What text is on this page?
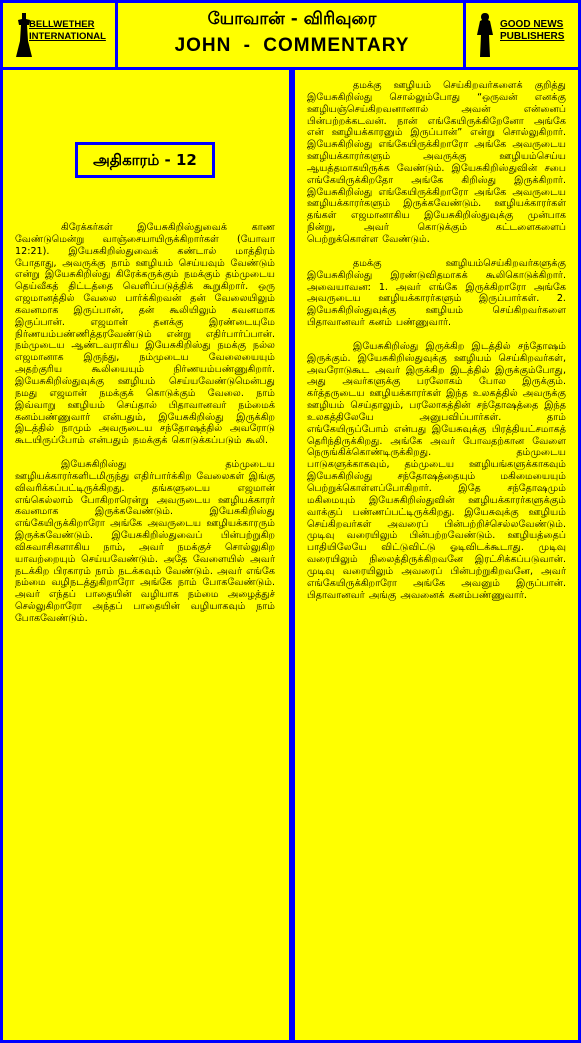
BELLWETHER INTERNATIONAL
யோவான் - விரிவுரை
JOHN - COMMENTARY
GOOD NEWS PUBLISHERS
அதிகாரம் - 12

கிரேக்கர்கள் இயேசுகிறிஸ்துவைக் காண வேண்டுமென்று வாஞ்சையாயிருக்கிறார்கள் (யோவா 12:21). இயேசுகிறிஸ்துவைக் கண்டால் மாத்திரம் போதாது, அவருக்கு நாம் ஊழியம் செய்யவும் வேண்டும் என்று இயேசுகிறிஸ்து கிரேக்கருக்கும் நமக்கும் தம்முடைய தெய்வீகத் திட்டத்தை வெளிப்படுத்திக் கூறுகிறார். ஒரு எஜமானத்தில் வேலை பார்க்கிறவன் தன் வேலையிலும் கவனமாக இருப்பான், தன் கூலியிலும் கவனமாக இருப்பான். எஜமான் தனக்கு இரண்டையுமே நிர்ணயம்பண்ணித்தரவேண்டும் என்று எதிர்பார்ப்பான். நம்முடைய ஆண்டவராகிய இயேசுகிறிஸ்து நமக்கு நல்ல எஜமானாக இருந்து, நம்முடைய வேலையையும் அதற்குரிய கூலியையும் நிர்ணயம்பண்ணுகிறார். இயேசுகிறிஸ்துவுக்கு ஊழியம் செய்யவேண்டுமென்பது நமது எஜமான் நமக்குக் கொடுக்கும் வேலை. நாம் இவ்வாறு ஊழியம் செய்தால் பிதாவானவர் நம்மைக் கனம்பண்ணுவார் என்பதும், இயேசுகிறிஸ்து இருக்கிற இடத்தில் நாமும் அவருடைய சந்தோஷத்தில் அவரோடு கூடயிருப்போம் என்பதும் நமக்குக் கொடுக்கப்படும் கூலி.

இயேசுகிறிஸ்து தம்முடைய ஊழியக்காரர்களிடமிருந்து எதிர்பார்க்கிற வேலைகள் இங்கு விவரிக்கப்பட்டிருக்கிறது. தங்களுடைய எஜமான் எங்கெல்லாம் போகிறாரென்று அவருடைய ஊழியக்காரர் கவனமாக இருக்கவேண்டும். இயேசுகிறிஸ்து எங்கேயிருக்கிறாரோ அங்கே அவருடைய ஊழியக்காரரும் இருக்கவேண்டும். இயேசுகிறிஸ்துவைப் பின்பற்றுகிற விசுவாசிகளாகிய நாம், அவர் நமக்குச் சொல்லுகிற யாவற்றையும் செய்யவேண்டும். அதே வேளையில் அவர் நடக்கிற பிரகாரம் நாம் நடக்கவும் வேண்டும். அவர் எங்கே நம்மை வழிநடத்துகிறாரோ அங்கே நாம் போகவேண்டும். அவர் எந்தப் பாதையின் வழியாக நம்மை அழைத்துச் செல்லுகிறாரோ அந்தப் பாதையின் வழியாகவும் நாம் போகவேண்டும்.

தமக்கு ஊழியம் செய்கிறவர்களைக் குறித்து இயேசுகிறிஸ்து சொல்லும்போது “ஒருவன் எனக்கு ஊழியஞ்செய்கிறவனானால் அவன் என்னைப் பின்பற்றக்கடவன். நான் எங்கேயிருக்கிறேனோ அங்கே என் ஊழியக்காரனும் இருப்பான்” என்று சொல்லுகிறார். இயேசுகிறிஸ்து எங்கேயிருக்கிறாரோ அங்கே அவருடைய ஊழியக்காரர்களும் அவருக்கு ஊழியம்செய்ய ஆயத்தமாகயிருக்க வேண்டும். இயேசுகிறிஸ்துவின் சபை எங்கேயிருக்கிறதோ அங்கே கிறிஸ்து இருக்கிறார். இயேசுகிறிஸ்து எங்கேயிருக்கிறாரோ அங்கே அவருடைய ஊழியக்காரர்களும் இருக்கவேண்டும். ஊழியக்காரர்கள் தங்கள் எஜமானாகிய இயேசுகிறிஸ்துவுக்கு முன்பாக நின்று, அவர் கொடுக்கும் கட்டளைகளைப் பெற்றுக்கொள்ள வேண்டும்.

தமக்கு ஊழியம்செய்கிறவர்களுக்கு இயேசுகிறிஸ்து இரண்டுவிதமாகக் கூலிகொடுக்கிறார். அவையாவன: 1. அவர் எங்கே இருக்கிறாரோ அங்கே அவருடைய ஊழியக்காரர்களும் இருப்பார்கள். 2. இயேசுகிறிஸ்துவுக்கு ஊழியம் செய்கிறவர்களை பிதாவானவர் கனம் பண்ணுவார்.

இயேசுகிறிஸ்து இருக்கிற இடத்தில் சந்தோஷம் இருக்கும். இயேசுகிறிஸ்துவுக்கு ஊழியம் செய்கிறவர்கள், அவரோடுகூட அவர் இருக்கிற இடத்தில் இருக்கும்போது, அது அவர்களுக்கு பரலோகம் போல இருக்கும். கர்த்தருடைய ஊழியக்காரர்கள் இந்த உலகத்தில் அவருக்கு ஊழியம் செய்தாலும், பரலோகத்தின் சந்தோஷத்தை இந்த உலகத்திலேயே அனுபவிப்பார்கள். தாம் எங்கேயிருப்போம் என்பது இயேசுவுக்கு பிரத்தியட்சமாகத் தெரிந்திருக்கிறது. அங்கே அவர் போவதற்கான வேளை நெருங்கிக்கொண்டிருக்கிறது. தம்முடைய பாடுகளுக்காகவும், தம்முடைய ஊழியங்களுக்காகவும் இயேசுகிறிஸ்து சந்தோஷத்தையும் மகிமையையும் பெற்றுக்கொள்ளப்போகிறார். இதே சந்தோஷமும் மகிமையும் இயேசுகிறிஸ்துவின் ஊழியக்காரர்களுக்கும் வாக்குப் பண்ணப்பட்டிருக்கிறது. இயேசுவுக்கு ஊழியம் செய்கிறவர்கள் அவரைப் பின்பற்றிச்செல்லவேண்டும். முடிவு வரையிலும் பின்பற்றவேண்டும். ஊழியத்தைப் பாதியிலேயே விட்டுவிட்டு ஓடிவிடக்கூடாது. முடிவு வரையிலும் நிலைத்திருக்கிறவனே இரட்சிக்கப்படுவான். முடிவு வரையிலும் அவரைப் பின்பற்றுகிறவனே, அவர் எங்கேயிருக்கிறாரோ அங்கே அவனும் இருப்பான். பிதாவானவர் அங்கு அவனைக் கனம்பண்ணுவார்.
